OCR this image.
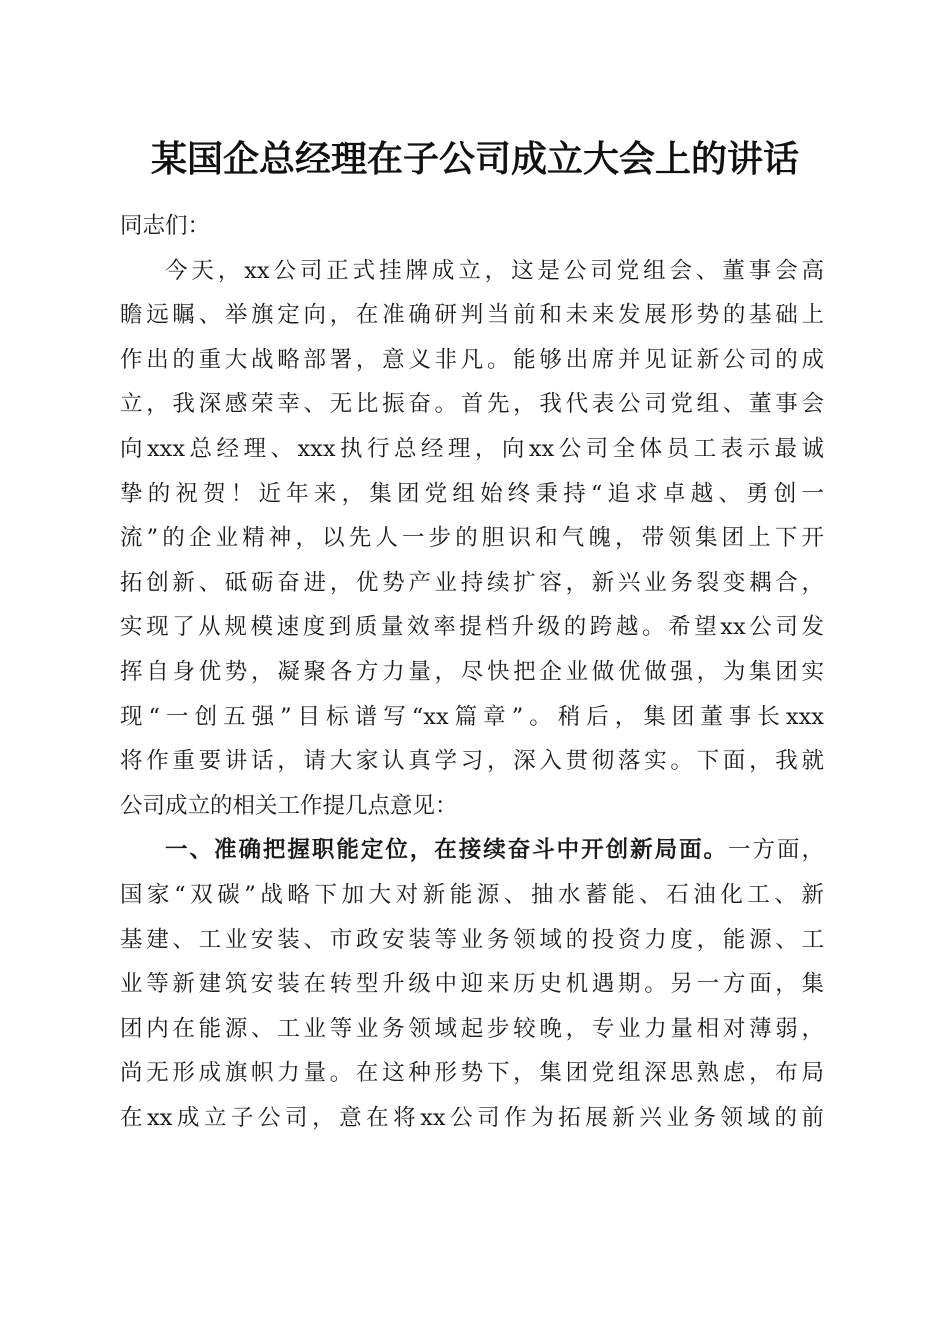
某国企总经理在子公司成立大会上的讲话
同志们：
今天，xx公司正式挂牌成立，这是公司党组会、董事会高
瞻远瞩、举旗定向，在准确研判当前和未来发展形势的基础上
作出的重大战略部署，意义非凡。能够出席并见证新公司的成
立，我深感荣幸、无比振奋。首先，我代表公司党组、董事会
向xxx总经理、xxx执行总经理，向xx公司全体员工表示最诚
挚的祝贺！近年来，集团党组始终秉持“追求卓越、勇创一
流”的企业精神，以先人一步的胆识和气魄，带领集团上下开
拓创新、砥砺奋进，优势产业持续扩容，新兴业务裂变耦合，
实现了从规模速度到质量效率提档升级的跨越。希望xx公司发
挥自身优势，凝聚各方力量，尽快把企业做优做强，为集团实
现“一创五强”目标谱写“xx篇章”。稍后，集团董事长xxx
将作重要讲话，请大家认真学习，深入贯彻落实。下面，我就
公司成立的相关工作提几点意见：
一、准确把握职能定位，在接续奋斗中开创新局面。一方面，
国家“双碳”战略下加大对新能源、抽水蓄能、石油化工、新
基建、工业安装、市政安装等业务领域的投资力度，能源、工
业等新建筑安装在转型升级中迎来历史机遇期。另一方面，集
团内在能源、工业等业务领域起步较晚，专业力量相对薄弱，
尚无形成旗帜力量。在这种形势下，集团党组深思熟虑，布局
在xx成立子公司，意在将xx公司作为拓展新兴业务领域的前
